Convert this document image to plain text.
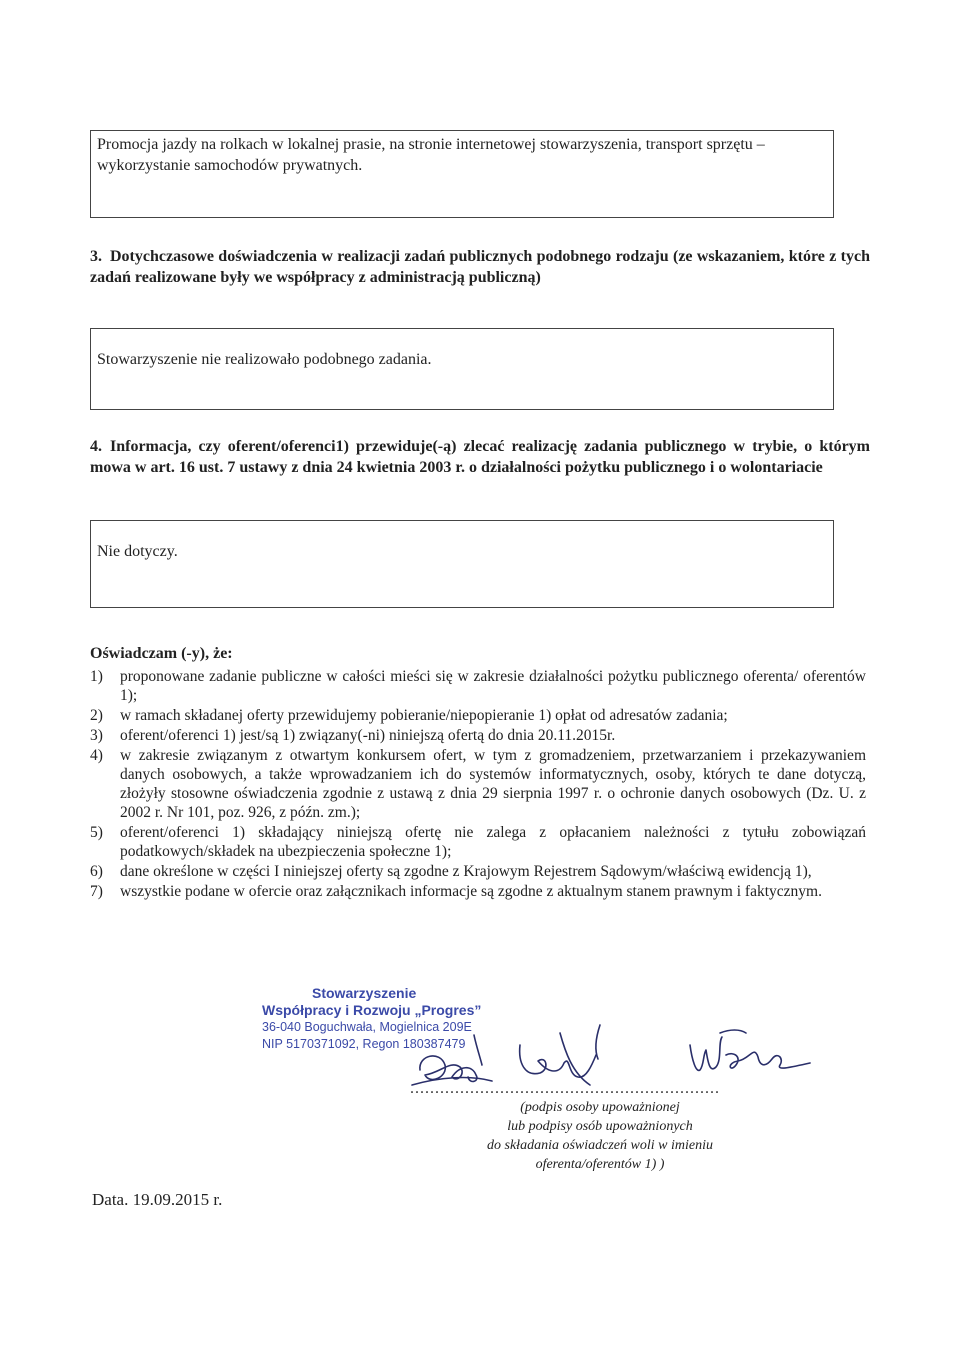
Promocja jazdy na rolkach w lokalnej prasie, na stronie internetowej stowarzyszenia, transport sprzętu – wykorzystanie samochodów prywatnych.
3. Dotychczasowe doświadczenia w realizacji zadań publicznych podobnego rodzaju (ze wskazaniem, które z tych zadań realizowane były we współpracy z administracją publiczną)
Stowarzyszenie nie realizowało podobnego zadania.
4. Informacja, czy oferent/oferenci1) przewiduje(-ą) zlecać realizację zadania publicznego w trybie, o którym mowa w art. 16 ust. 7 ustawy z dnia 24 kwietnia 2003 r. o działalności pożytku publicznego i o wolontariacie
Nie dotyczy.
Oświadczam (-y), że:
1)	proponowane zadanie publiczne w całości mieści się w zakresie działalności pożytku publicznego oferenta/ oferentów 1);
2)	w ramach składanej oferty przewidujemy pobieranie/niepopieranie 1) opłat od adresatów zadania;
3)	oferent/oferenci 1) jest/są 1) związany(-ni) niniejszą ofertą do dnia 20.11.2015r.
4)	w zakresie związanym z otwartym konkursem ofert, w tym z gromadzeniem, przetwarzaniem i przekazywaniem danych osobowych, a także wprowadzaniem ich do systemów informatycznych, osoby, których te dane dotyczą, złożyły stosowne oświadczenia zgodnie z ustawą z dnia 29 sierpnia 1997 r. o ochronie danych osobowych (Dz. U. z 2002 r. Nr 101, poz. 926, z późn. zm.);
5)	oferent/oferenci 1) składający niniejszą ofertę nie zalega z opłacaniem należności z tytułu zobowiązań podatkowych/składek na ubezpieczenia społeczne 1);
6)	dane określone w części I niniejszej oferty są zgodne z Krajowym Rejestrem Sądowym/właściwą ewidencją 1),
7)	wszystkie podane w ofercie oraz załącznikach informacje są zgodne z aktualnym stanem prawnym i faktycznym.
Stowarzyszenie
Współpracy i Rozwoju „Progres”
36-040 Boguchwała, Mogielnica 209E
NIP 5170371092, Regon 180387479
..............................................................
(podpis osoby upoważnionej
lub podpisy osób upoważnionych
do składania oświadczeń woli w imieniu
oferenta/oferentów 1) )
Data. 19.09.2015 r.
